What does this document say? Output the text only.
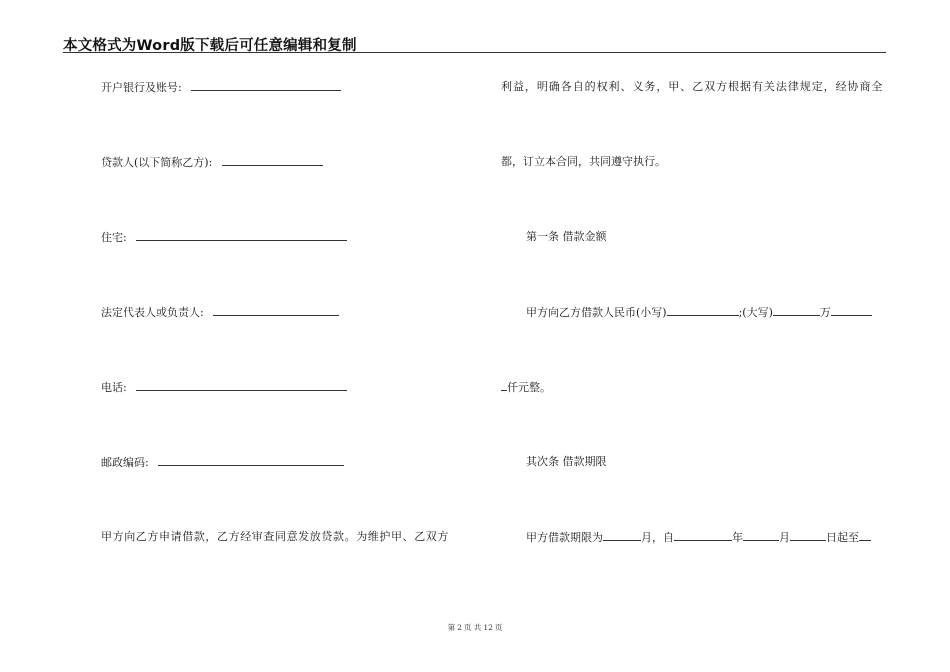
本文格式为Word版下载后可任意编辑和复制
开户银行及账号:
贷款人(以下简称乙方):
住宅:
法定代表人或负责人:
电话:
邮政编码:
甲方向乙方申请借款，乙方经审查同意发放贷款。为维护甲、乙双方
利益，明确各自的权利、义务，甲、乙双方根据有关法律规定，经协商全
都，订立本合同，共同遵守执行。
第一条 借款金额
甲方向乙方借款人民币(小写)	;(大写)	万
仟元整。
其次条 借款期限
甲方借款期限为	月，自	年	月	日起至
第 2 页 共 12 页
